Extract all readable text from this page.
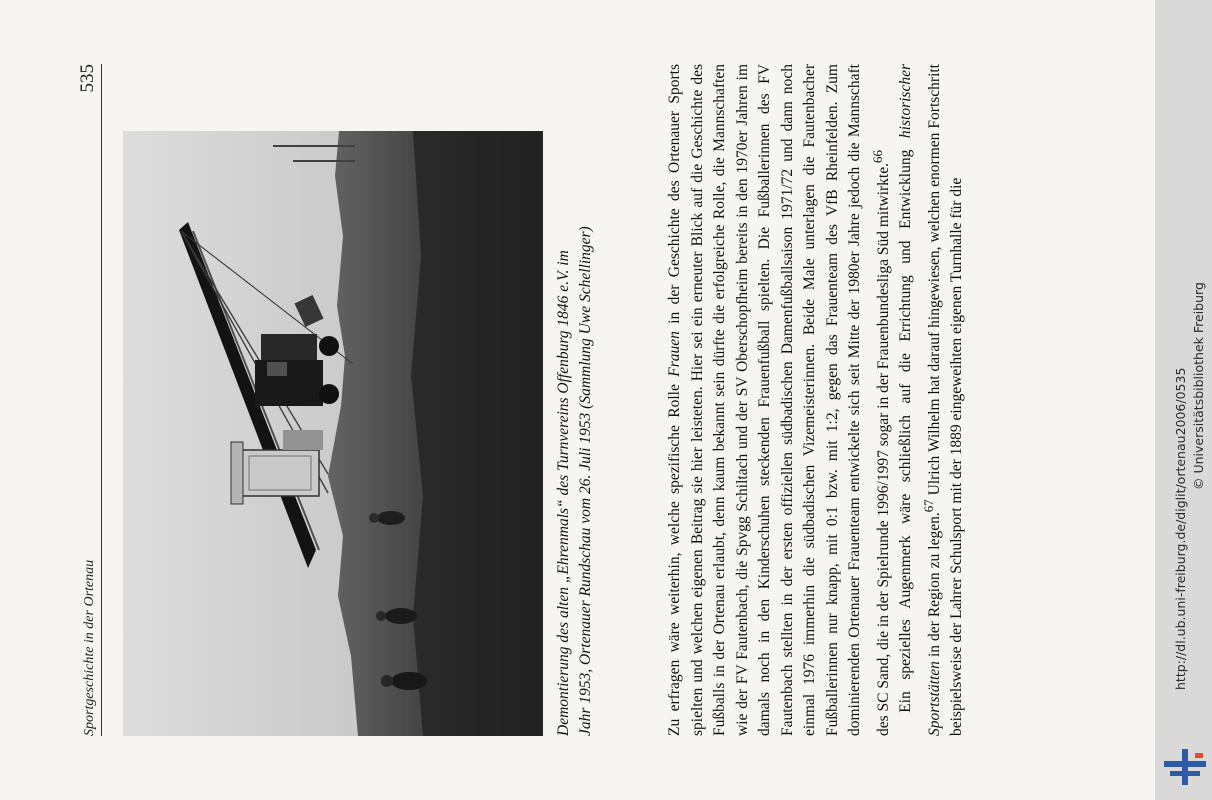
Sportgeschichte in der Ortenau
535

Demontierung des alten „Ehrenmals“ des Turnvereins Offenburg 1846 e.V. im Jahr 1953, Ortenauer Rundschau vom 26. Juli 1953 (Sammlung Uwe Schellinger)	Zu erfragen wäre weiterhin, welche spezifische Rolle Frauen in der Geschichte des Ortenauer Sports spielten und welchen eigenen Beitrag sie hier leisteten. Hier sei ein erneuter Blick auf die Geschichte des Fußballs in der Ortenau erlaubt, denn kaum bekannt sein dürfte die erfolgreiche Rolle, die Mannschaften wie der FV Fautenbach, die Spvgg Schiltach und der SV Oberschopfheim bereits in den 1970er Jahren im damals noch in den Kinderschuhen steckenden Frauenfußball spielten. Die Fußballerinnen des FV Fautenbach stellten in der ersten offiziellen südbadischen Damenfußballsaison 1971/72 und dann noch einmal 1976 immerhin die südbadischen Vizemeisterinnen. Beide Male unterlagen die Fautenbacher Fußballerinnen nur knapp, mit 0:1 bzw. mit 1:2, gegen das Frauenteam des VfB Rheinfelden. Zum dominierenden Ortenauer Frauenteam entwickelte sich seit Mitte der 1980er Jahre jedoch die Mannschaft des SC Sand, die in der Spielrunde 1996/1997 sogar in der Frauenbundesliga Süd mitwirkte.$^{66}$ Ein spezielles Augenmerk wäre schließlich auf die Errichtung und Entwicklung historischer Sportstätten in der Region zu legen.$^{67}$ Ulrich Wilhelm hat darauf hingewiesen, welchen enormen Fortschritt beispielsweise der Lahrer Schulsport mit der 1889 eingeweihten eigenen Turnhalle für die	http://dl.ub.uni-freiburg.de/diglit/ortenau2006/0535 © Universitätsbibliothek Freiburg
